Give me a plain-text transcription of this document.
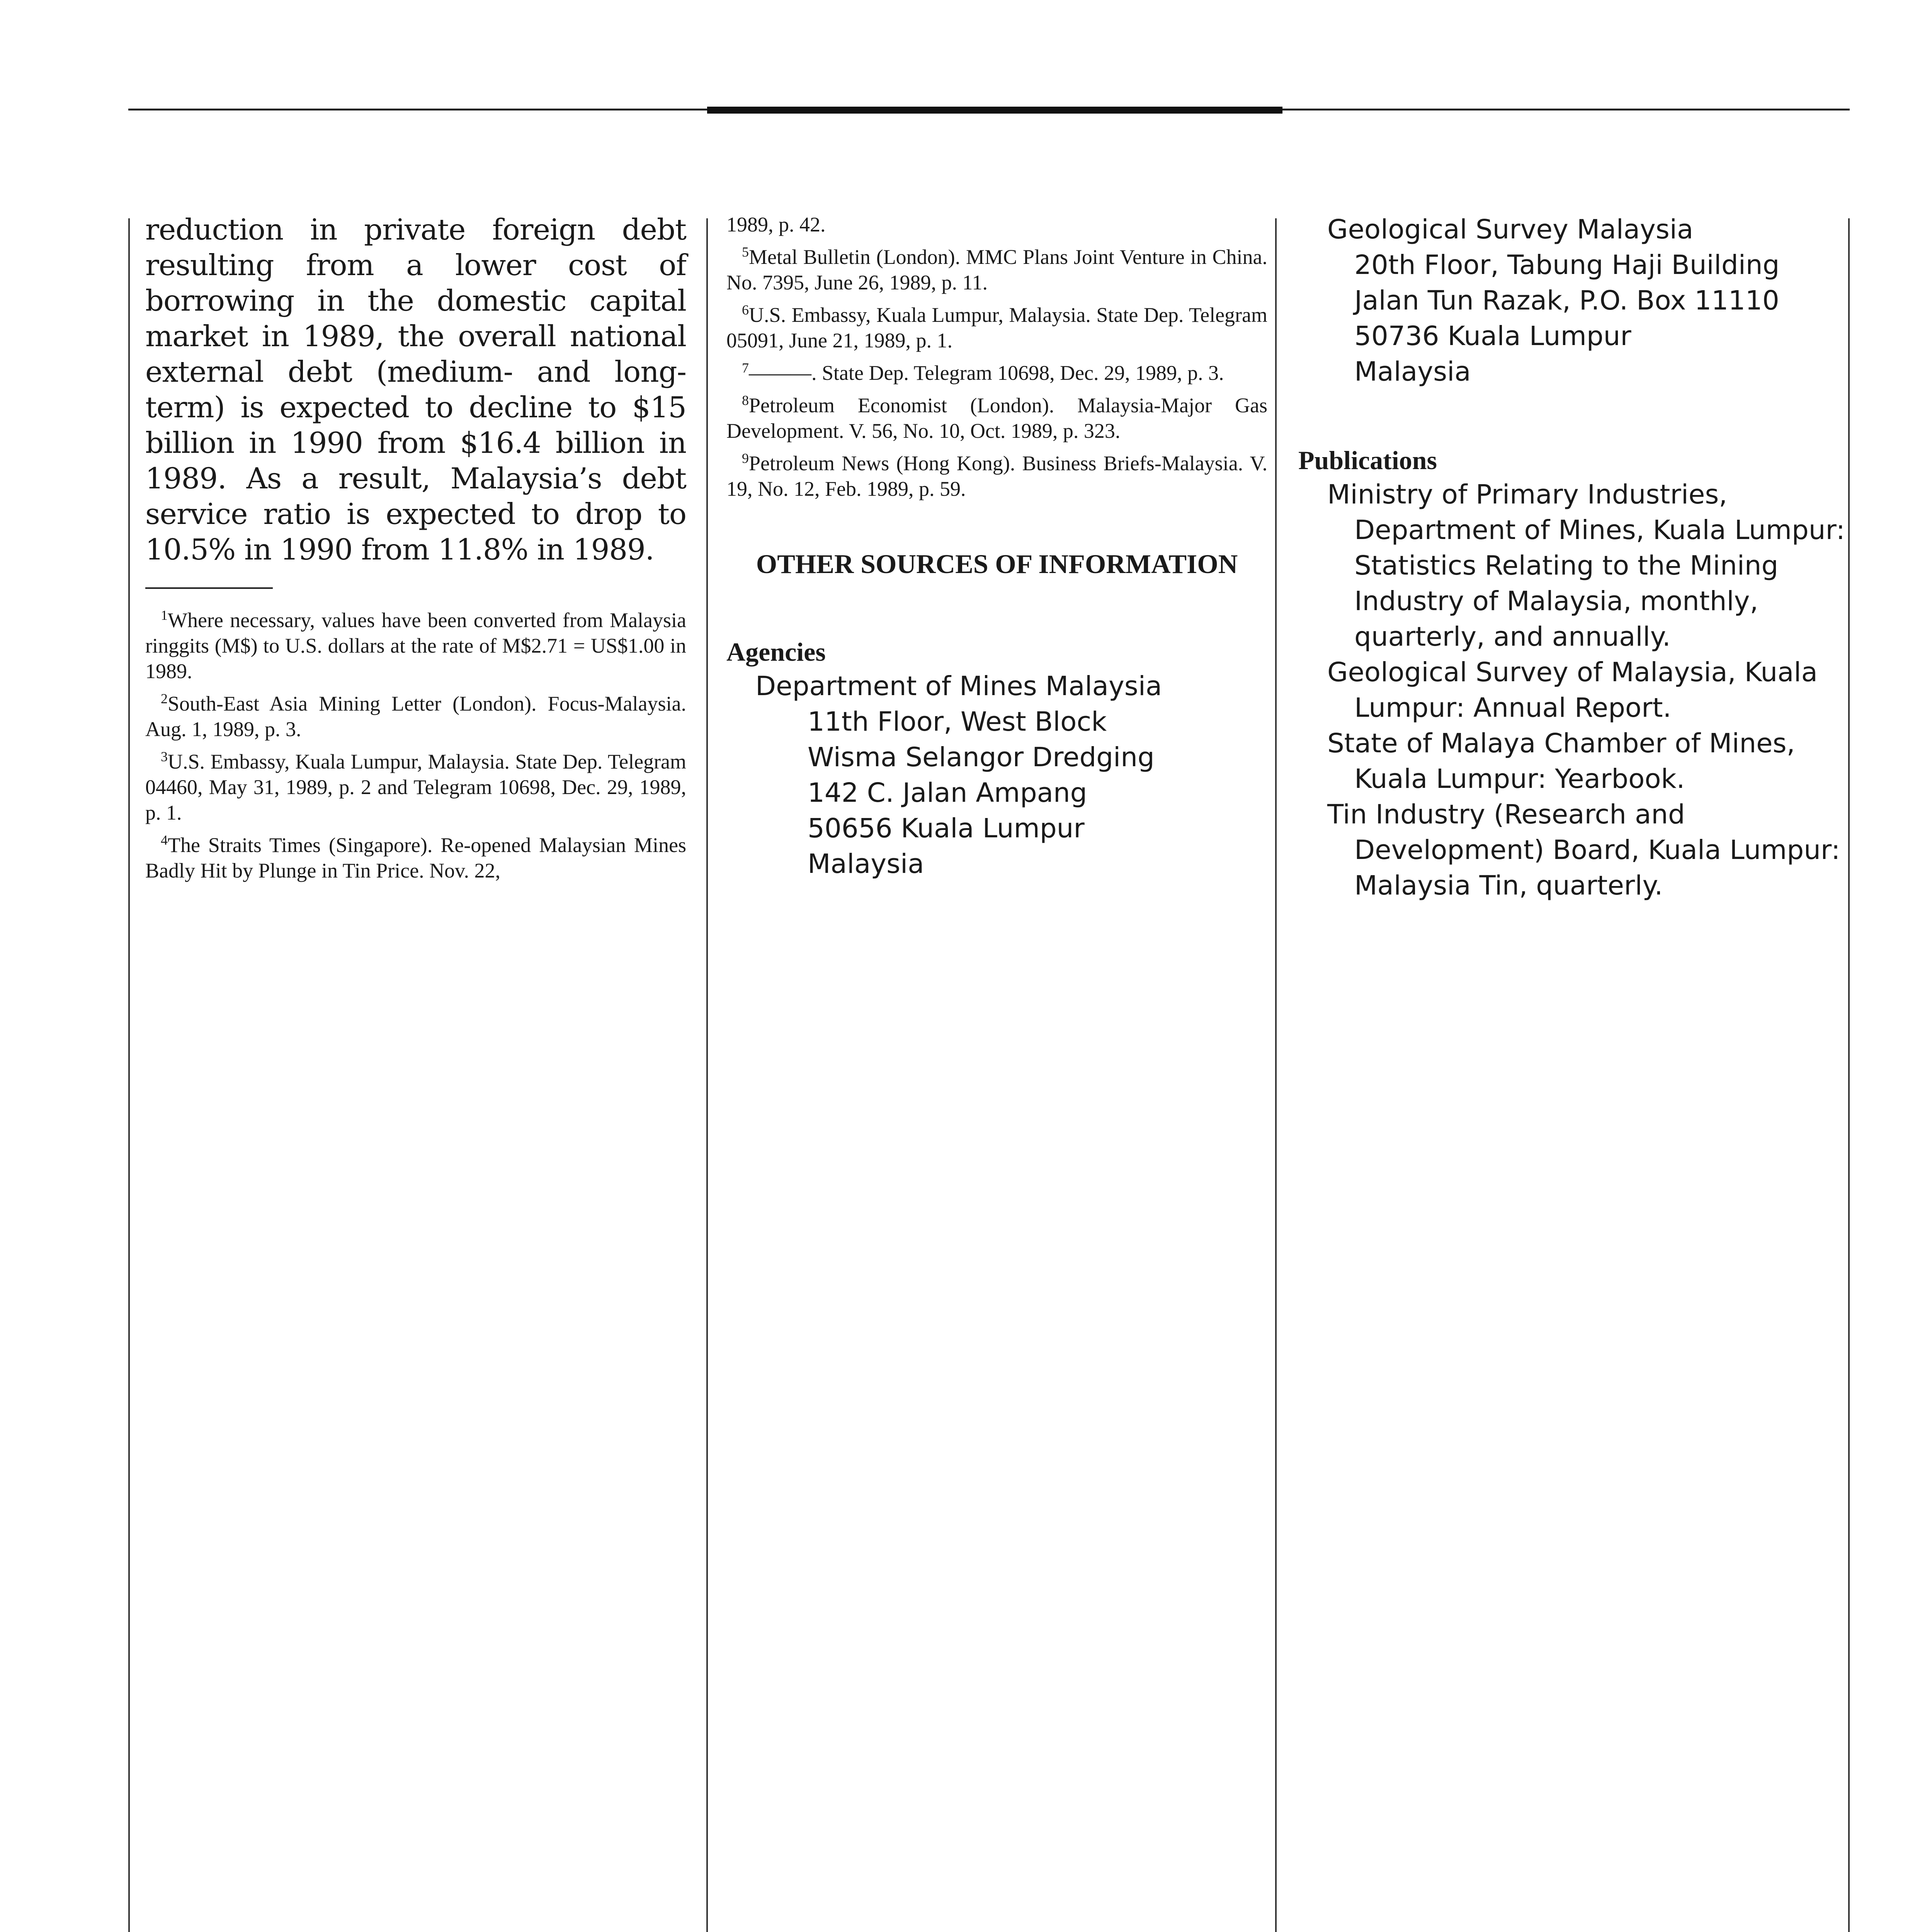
reduction in private foreign debt resulting from a lower cost of borrowing in the domestic capital market in 1989, the overall national external debt (medium- and long-term) is expected to decline to $15 billion in 1990 from $16.4 billion in 1989. As a result, Malaysia’s debt service ratio is expected to drop to 10.5% in 1990 from 11.8% in 1989.

$^1$Where necessary, values have been converted from Malaysia ringgits (M$) to U.S. dollars at the rate of M$2.71 = US$1.00 in 1989.

$^2$South-East Asia Mining Letter (London). Focus-Malaysia. Aug. 1, 1989, p. 3.

$^3$U.S. Embassy, Kuala Lumpur, Malaysia. State Dep. Telegram 04460, May 31, 1989, p. 2 and Telegram 10698, Dec. 29, 1989, p. 1.

$^4$The Straits Times (Singapore). Re-opened Malaysian Mines Badly Hit by Plunge in Tin Price. Nov. 22,

1989, p. 42.

$^5$Metal Bulletin (London). MMC Plans Joint Venture in China. No. 7395, June 26, 1989, p. 11.

$^6$U.S. Embassy, Kuala Lumpur, Malaysia. State Dep. Telegram 05091, June 21, 1989, p. 1.

$^7$———. State Dep. Telegram 10698, Dec. 29, 1989, p. 3.

$^8$Petroleum Economist (London). Malaysia-Major Gas Development. V. 56, No. 10, Oct. 1989, p. 323.

$^9$Petroleum News (Hong Kong). Business Briefs-Malaysia. V. 19, No. 12, Feb. 1989, p. 59.

OTHER SOURCES OF INFORMATION

Agencies

Department of Mines Malaysia

11th Floor, West Block

Wisma Selangor Dredging

142 C. Jalan Ampang

50656 Kuala Lumpur

Malaysia

Geological Survey Malaysia

20th Floor, Tabung Haji Building

Jalan Tun Razak, P.O. Box 11110

50736 Kuala Lumpur

Malaysia

Publications

Ministry of Primary Industries,

Department of Mines, Kuala Lumpur:

Statistics Relating to the Mining

Industry of Malaysia, monthly,

quarterly, and annually.

Geological Survey of Malaysia, Kuala

Lumpur: Annual Report.

State of Malaya Chamber of Mines,

Kuala Lumpur: Yearbook.

Tin Industry (Research and

Development) Board, Kuala Lumpur:

Malaysia Tin, quarterly.
